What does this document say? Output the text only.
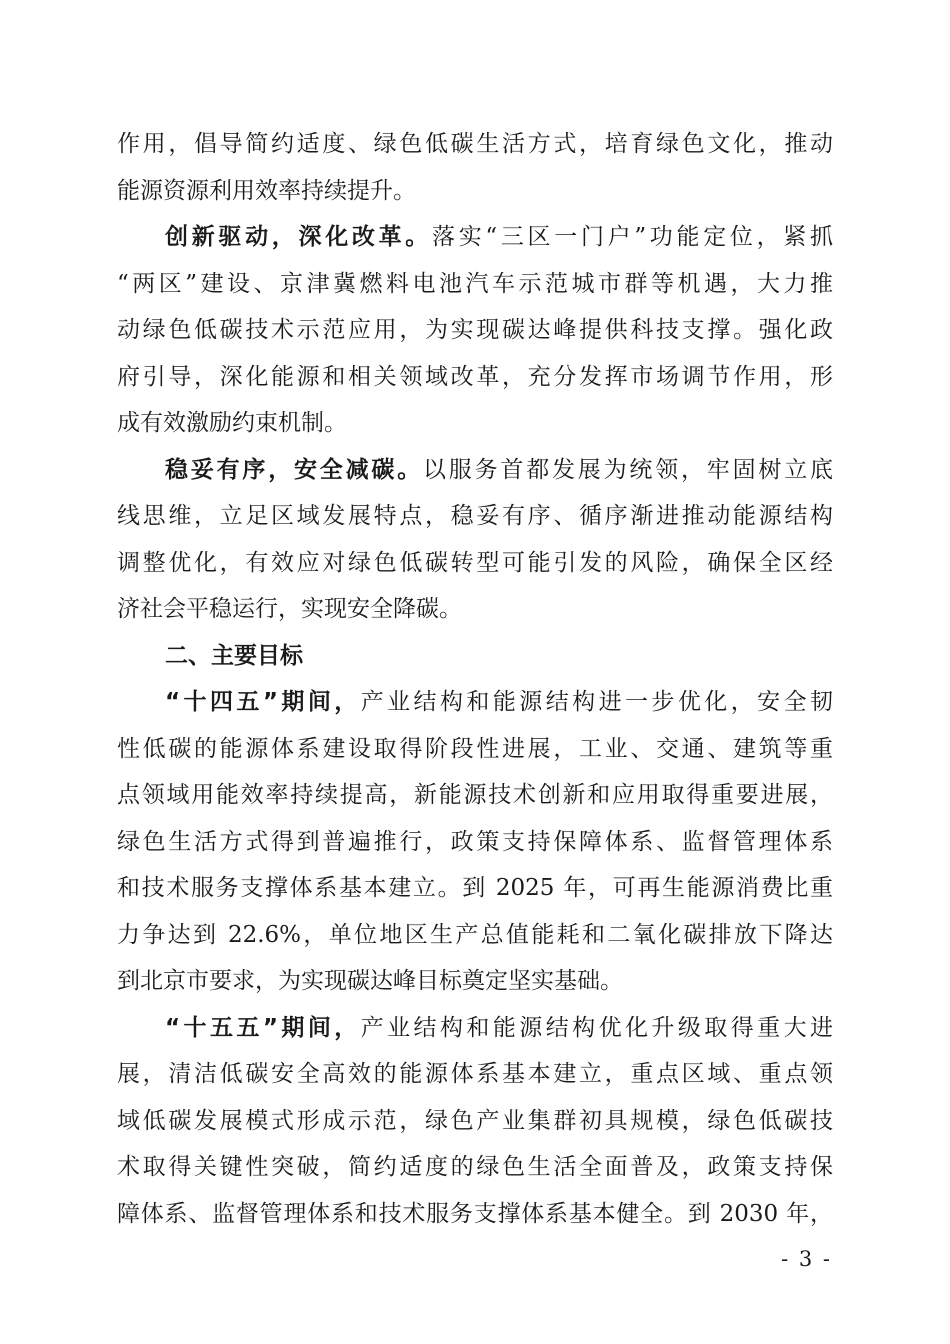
作用，倡导简约适度、绿色低碳生活方式，培育绿色文化，推动
能源资源利用效率持续提升。
创新驱动，深化改革。落实“三区一门户”功能定位，紧抓
“两区”建设、京津冀燃料电池汽车示范城市群等机遇，大力推
动绿色低碳技术示范应用，为实现碳达峰提供科技支撑。强化政
府引导，深化能源和相关领域改革，充分发挥市场调节作用，形
成有效激励约束机制。
稳妥有序，安全减碳。以服务首都发展为统领，牢固树立底
线思维，立足区域发展特点，稳妥有序、循序渐进推动能源结构
调整优化，有效应对绿色低碳转型可能引发的风险，确保全区经
济社会平稳运行，实现安全降碳。
二、主要目标
“十四五”期间，产业结构和能源结构进一步优化，安全韧
性低碳的能源体系建设取得阶段性进展，工业、交通、建筑等重
点领域用能效率持续提高，新能源技术创新和应用取得重要进展，
绿色生活方式得到普遍推行，政策支持保障体系、监督管理体系
和技术服务支撑体系基本建立。到 2025 年，可再生能源消费比重
力争达到 22.6%，单位地区生产总值能耗和二氧化碳排放下降达
到北京市要求，为实现碳达峰目标奠定坚实基础。
“十五五”期间，产业结构和能源结构优化升级取得重大进
展，清洁低碳安全高效的能源体系基本建立，重点区域、重点领
域低碳发展模式形成示范，绿色产业集群初具规模，绿色低碳技
术取得关键性突破，简约适度的绿色生活全面普及，政策支持保
障体系、监督管理体系和技术服务支撑体系基本健全。到 2030 年，
- 3 -
